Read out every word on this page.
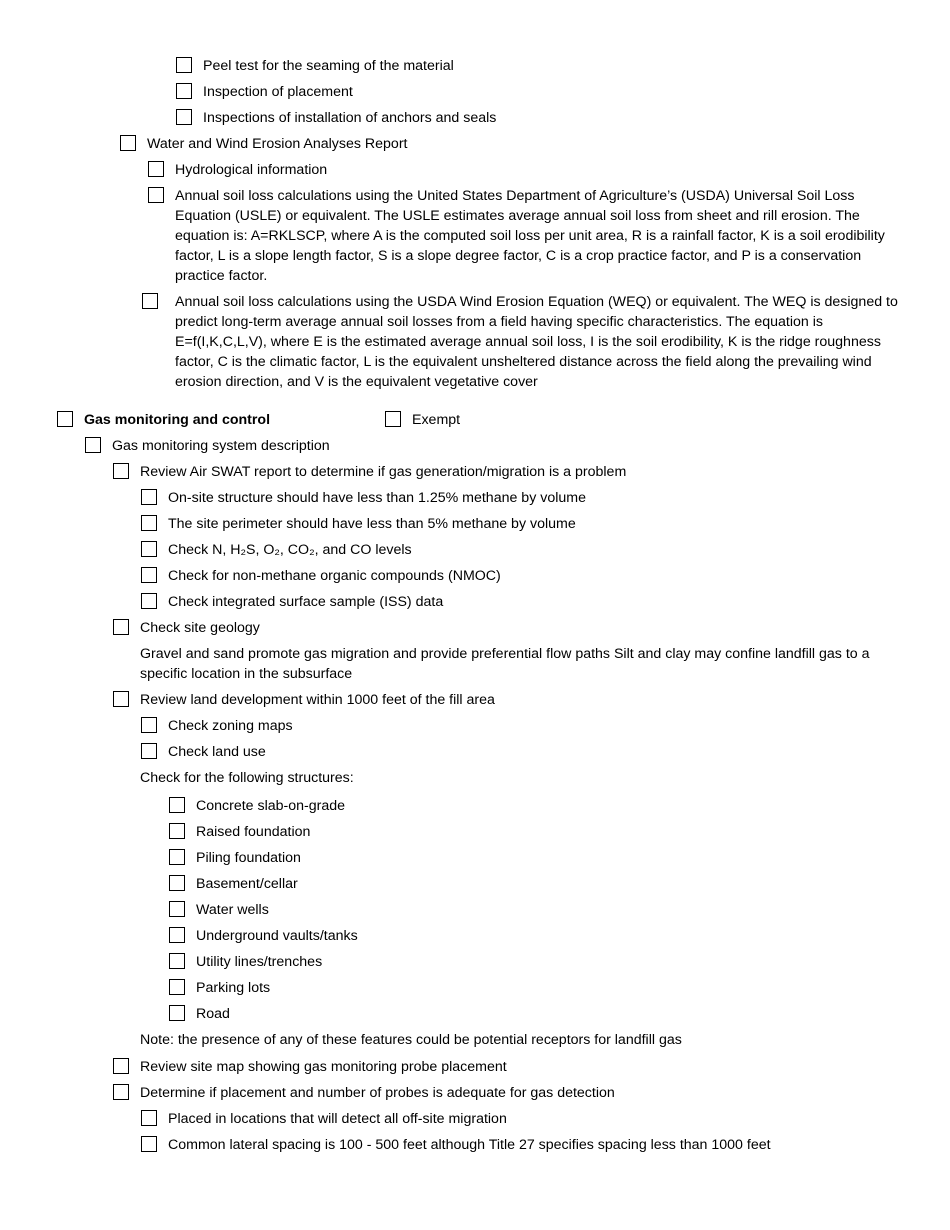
Peel test for the seaming of the material
Inspection of placement
Inspections of installation of anchors and seals
Water and Wind Erosion Analyses Report
Hydrological information
Annual soil loss calculations using the United States Department of Agriculture’s (USDA) Universal Soil Loss Equation (USLE) or equivalent. The USLE estimates average annual soil loss from sheet and rill erosion. The equation is: A=RKLSCP, where A is the computed soil loss per unit area, R is a rainfall factor, K is a soil erodibility factor, L is a slope length factor, S is a slope degree factor, C is a crop practice factor, and P is a conservation practice factor.
Annual soil loss calculations using the USDA Wind Erosion Equation (WEQ) or equivalent. The WEQ is designed to predict long-term average annual soil losses from a field having specific characteristics. The equation is E=f(I,K,C,L,V), where E is the estimated average annual soil loss, I is the soil erodibility, K is the ridge roughness factor, C is the climatic factor, L is the equivalent unsheltered distance across the field along the prevailing wind erosion direction, and V is the equivalent vegetative cover
Gas monitoring and control	Exempt
Gas monitoring system description
Review Air SWAT report to determine if gas generation/migration is a problem
On-site structure should have less than 1.25% methane by volume
The site perimeter should have less than 5% methane by volume
Check N, H₂S, O₂, CO₂, and CO levels
Check for non-methane organic compounds (NMOC)
Check integrated surface sample (ISS) data
Check site geology
Gravel and sand promote gas migration and provide preferential flow paths Silt and clay may confine landfill gas to a specific location in the subsurface
Review land development within 1000 feet of the fill area
Check zoning maps
Check land use
Check for the following structures:
Concrete slab-on-grade
Raised foundation
Piling foundation
Basement/cellar
Water wells
Underground vaults/tanks
Utility lines/trenches
Parking lots
Road
Note: the presence of any of these features could be potential receptors for landfill gas
Review site map showing gas monitoring probe placement
Determine if placement and number of probes is adequate for gas detection
Placed in locations that will detect all off-site migration
Common lateral spacing is 100 - 500 feet although Title 27 specifies spacing less than 1000 feet
